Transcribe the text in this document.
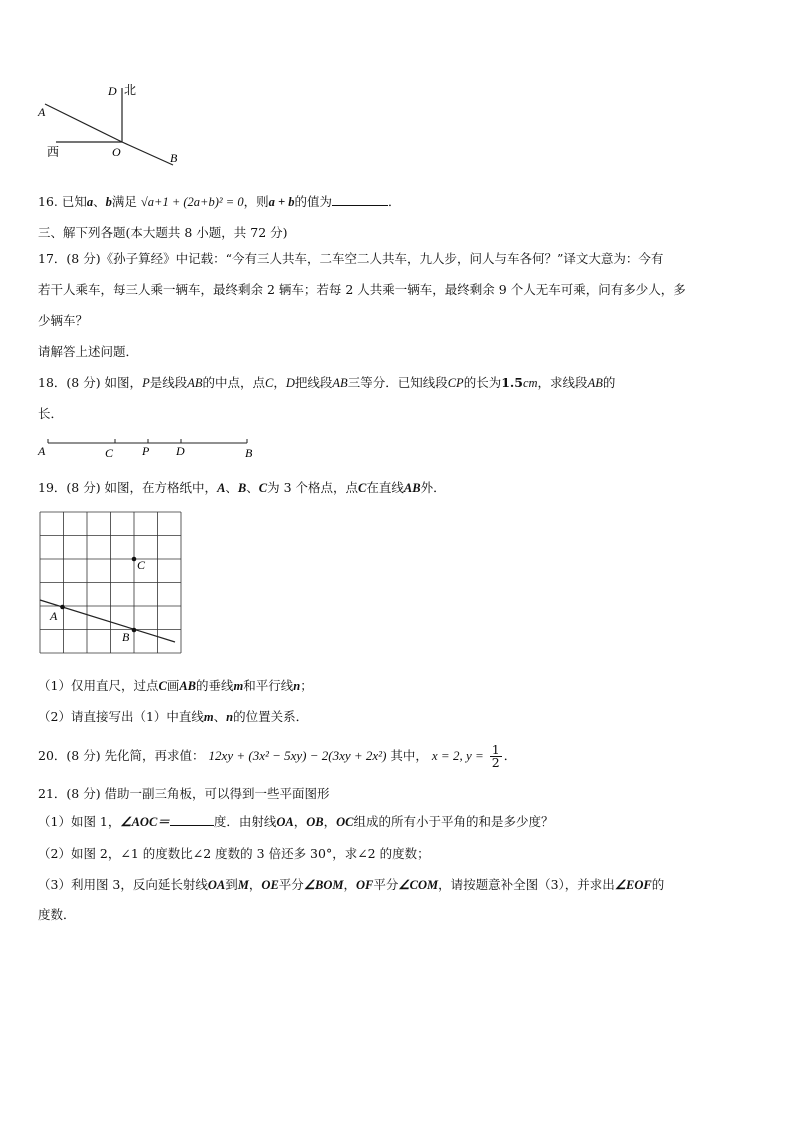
D 北
A
西	O	B
16. 已知a、b满足 √a+1 + (2a+b)² = 0，则a + b的值为	．
三、解下列各题(本大题共 8 小题，共 72 分)
17．(8 分)《孙子算经》中记载：“今有三人共车，二车空二人共车，九人步，问人与车各何？”译文大意为：今有
若干人乘车，每三人乘一辆车，最终剩余 2 辆车；若每 2 人共乘一辆车，最终剩余 9 个人无车可乘，问有多少人，多
少辆车？
请解答上述问题．
18．(8 分) 如图，P是线段AB的中点，点C，D把线段AB三等分．已知线段CP的长为1.5cm，求线段AB的
长．
A	C P D	B
19．(8 分) 如图，在方格纸中，A、B、C为 3 个格点，点C在直线AB外．
C
A
B
（1）仅用直尺，过点C画AB的垂线m和平行线n；
（2）请直接写出（1）中直线m、n的位置关系．
20．(8 分) 先化简，再求值： 12xy + (3x² − 5xy) − 2(3xy + 2x²) 其中， x = 2, $y = \frac{1}{2}$ ．
21．(8 分) 借助一副三角板，可以得到一些平面图形
（1）如图 1，∠AOC＝	度．由射线OA，OB，OC组成的所有小于平角的和是多少度？
（2）如图 2，∠1 的度数比∠2 度数的 3 倍还多 30°，求∠2 的度数；
（3）利用图 3，反向延长射线OA到M，OE平分∠BOM，OF平分∠COM，请按题意补全图（3），并求出∠EOF的
度数．
